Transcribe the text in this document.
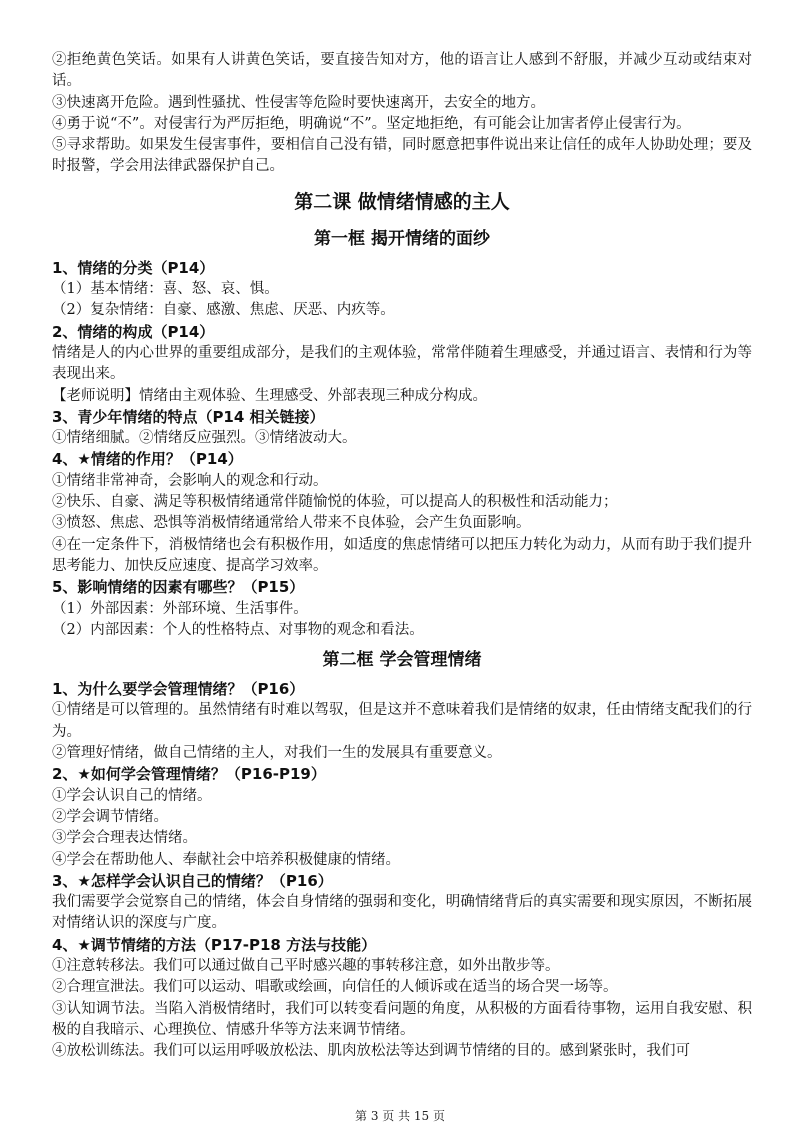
②拒绝黄色笑话。如果有人讲黄色笑话，要直接告知对方，他的语言让人感到不舒服，并减少互动或结束对话。

③快速离开危险。遇到性骚扰、性侵害等危险时要快速离开，去安全的地方。

④勇于说“不”。对侵害行为严厉拒绝，明确说“不”。坚定地拒绝，有可能会让加害者停止侵害行为。

⑤寻求帮助。如果发生侵害事件，要相信自己没有错，同时愿意把事件说出来让信任的成年人协助处理；要及时报警，学会用法律武器保护自己。

第二课 做情绪情感的主人
第一框 揭开情绪的面纱

1、情绪的分类（P14）

（1）基本情绪：喜、怒、哀、惧。

（2）复杂情绪：自豪、感激、焦虑、厌恶、内疚等。

2、情绪的构成（P14）

情绪是人的内心世界的重要组成部分，是我们的主观体验，常常伴随着生理感受，并通过语言、表情和行为等表现出来。

【老师说明】情绪由主观体验、生理感受、外部表现三种成分构成。

3、青少年情绪的特点（P14 相关链接）

①情绪细腻。②情绪反应强烈。③情绪波动大。

4、★情绪的作用？（P14）

①情绪非常神奇，会影响人的观念和行动。

②快乐、自豪、满足等积极情绪通常伴随愉悦的体验，可以提高人的积极性和活动能力；

③愤怒、焦虑、恐惧等消极情绪通常给人带来不良体验，会产生负面影响。

④在一定条件下，消极情绪也会有积极作用，如适度的焦虑情绪可以把压力转化为动力，从而有助于我们提升思考能力、加快反应速度、提高学习效率。

5、影响情绪的因素有哪些？（P15）

（1）外部因素：外部环境、生活事件。

（2）内部因素：个人的性格特点、对事物的观念和看法。

第二框 学会管理情绪

1、为什么要学会管理情绪？（P16）

①情绪是可以管理的。虽然情绪有时难以驾驭，但是这并不意味着我们是情绪的奴隶，任由情绪支配我们的行为。

②管理好情绪，做自己情绪的主人，对我们一生的发展具有重要意义。

2、★如何学会管理情绪？（P16-P19）

①学会认识自己的情绪。

②学会调节情绪。

③学会合理表达情绪。

④学会在帮助他人、奉献社会中培养积极健康的情绪。

3、★怎样学会认识自己的情绪？（P16）

我们需要学会觉察自己的情绪，体会自身情绪的强弱和变化，明确情绪背后的真实需要和现实原因，不断拓展对情绪认识的深度与广度。

4、★调节情绪的方法（P17-P18 方法与技能）

①注意转移法。我们可以通过做自己平时感兴趣的事转移注意，如外出散步等。

②合理宣泄法。我们可以运动、唱歌或绘画，向信任的人倾诉或在适当的场合哭一场等。

③认知调节法。当陷入消极情绪时，我们可以转变看问题的角度，从积极的方面看待事物，运用自我安慰、积极的自我暗示、心理换位、情感升华等方法来调节情绪。

④放松训练法。我们可以运用呼吸放松法、肌肉放松法等达到调节情绪的目的。感到紧张时，我们可

第 3 页 共 15 页
